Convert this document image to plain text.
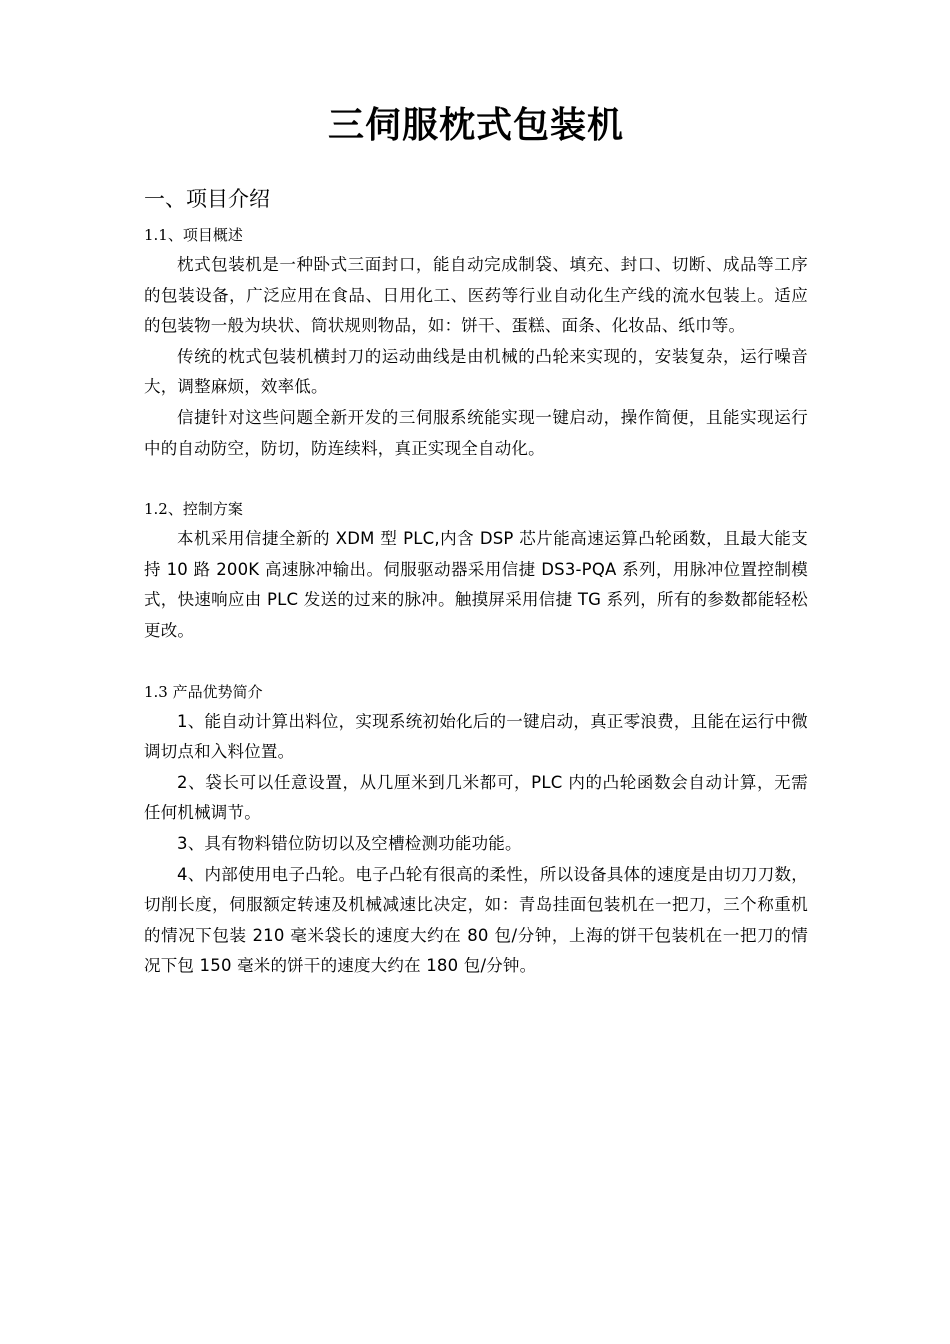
三伺服枕式包装机
一、项目介绍
1.1、项目概述

枕式包装机是一种卧式三面封口，能自动完成制袋、填充、封口、切断、成品等工序的包装设备，广泛应用在食品、日用化工、医药等行业自动化生产线的流水包装上。适应的包装物一般为块状、筒状规则物品，如：饼干、蛋糕、面条、化妆品、纸巾等。

传统的枕式包装机横封刀的运动曲线是由机械的凸轮来实现的，安装复杂，运行噪音大，调整麻烦，效率低。

信捷针对这些问题全新开发的三伺服系统能实现一键启动，操作简便，且能实现运行中的自动防空，防切，防连续料，真正实现全自动化。

1.2、控制方案

本机采用信捷全新的 XDM 型 PLC,内含 DSP 芯片能高速运算凸轮函数，且最大能支持 10 路 200K 高速脉冲输出。伺服驱动器采用信捷 DS3-PQA 系列，用脉冲位置控制模式，快速响应由 PLC 发送的过来的脉冲。触摸屏采用信捷 TG 系列，所有的参数都能轻松更改。

1.3 产品优势简介

1、能自动计算出料位，实现系统初始化后的一键启动，真正零浪费，且能在运行中微调切点和入料位置。

2、袋长可以任意设置，从几厘米到几米都可，PLC 内的凸轮函数会自动计算，无需任何机械调节。

3、具有物料错位防切以及空槽检测功能功能。

4、内部使用电子凸轮。电子凸轮有很高的柔性，所以设备具体的速度是由切刀刀数，切削长度，伺服额定转速及机械减速比决定，如：青岛挂面包装机在一把刀，三个称重机的情况下包装 210 毫米袋长的速度大约在 80 包/分钟，上海的饼干包装机在一把刀的情况下包 150 毫米的饼干的速度大约在 180 包/分钟。
